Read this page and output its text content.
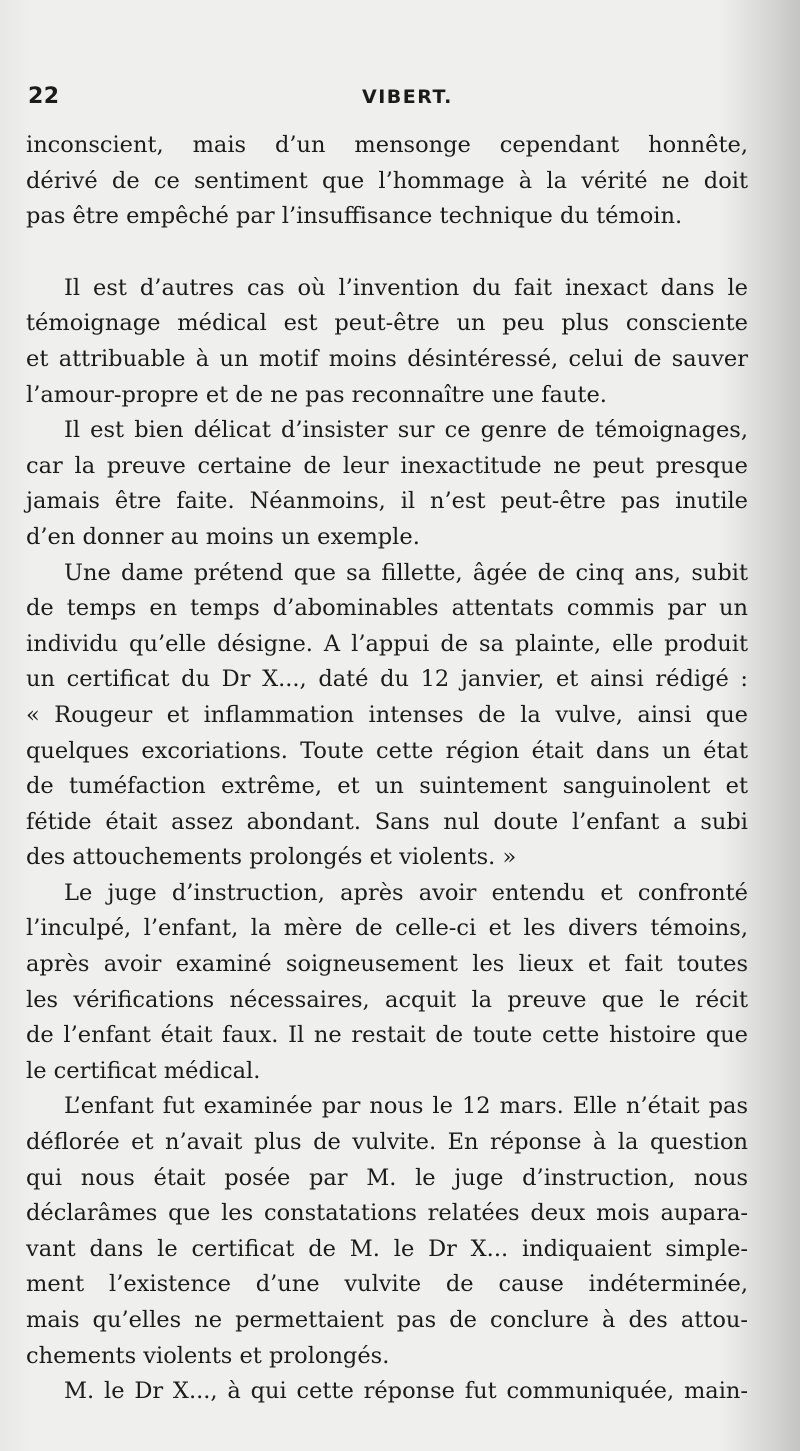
22	VIBERT.

inconscient, mais d’un mensonge cependant honnête,

dérivé de ce sentiment que l’hommage à la vérité ne doit

pas être empêché par l’insuffisance technique du témoin.

Il est d’autres cas où l’invention du fait inexact dans le

témoignage médical est peut-être un peu plus consciente

et attribuable à un motif moins désintéressé, celui de sauver

l’amour-propre et de ne pas reconnaître une faute.

Il est bien délicat d’insister sur ce genre de témoignages,

car la preuve certaine de leur inexactitude ne peut presque

jamais être faite. Néanmoins, il n’est peut-être pas inutile

d’en donner au moins un exemple.

Une dame prétend que sa fillette, âgée de cinq ans, subit

de temps en temps d’abominables attentats commis par un

individu qu’elle désigne. A l’appui de sa plainte, elle produit

un certificat du Dr X..., daté du 12 janvier, et ainsi rédigé :

« Rougeur et inflammation intenses de la vulve, ainsi que

quelques excoriations. Toute cette région était dans un état

de tuméfaction extrême, et un suintement sanguinolent et

fétide était assez abondant. Sans nul doute l’enfant a subi

des attouchements prolongés et violents. »

Le juge d’instruction, après avoir entendu et confronté

l’inculpé, l’enfant, la mère de celle-ci et les divers témoins,

après avoir examiné soigneusement les lieux et fait toutes

les vérifications nécessaires, acquit la preuve que le récit

de l’enfant était faux. Il ne restait de toute cette histoire que

le certificat médical.

L’enfant fut examinée par nous le 12 mars. Elle n’était pas

déflorée et n’avait plus de vulvite. En réponse à la question

qui nous était posée par M. le juge d’instruction, nous

déclarâmes que les constatations relatées deux mois aupara-

vant dans le certificat de M. le Dr X... indiquaient simple-

ment l’existence d’une vulvite de cause indéterminée,

mais qu’elles ne permettaient pas de conclure à des attou-

chements violents et prolongés.

M. le Dr X..., à qui cette réponse fut communiquée, main-
